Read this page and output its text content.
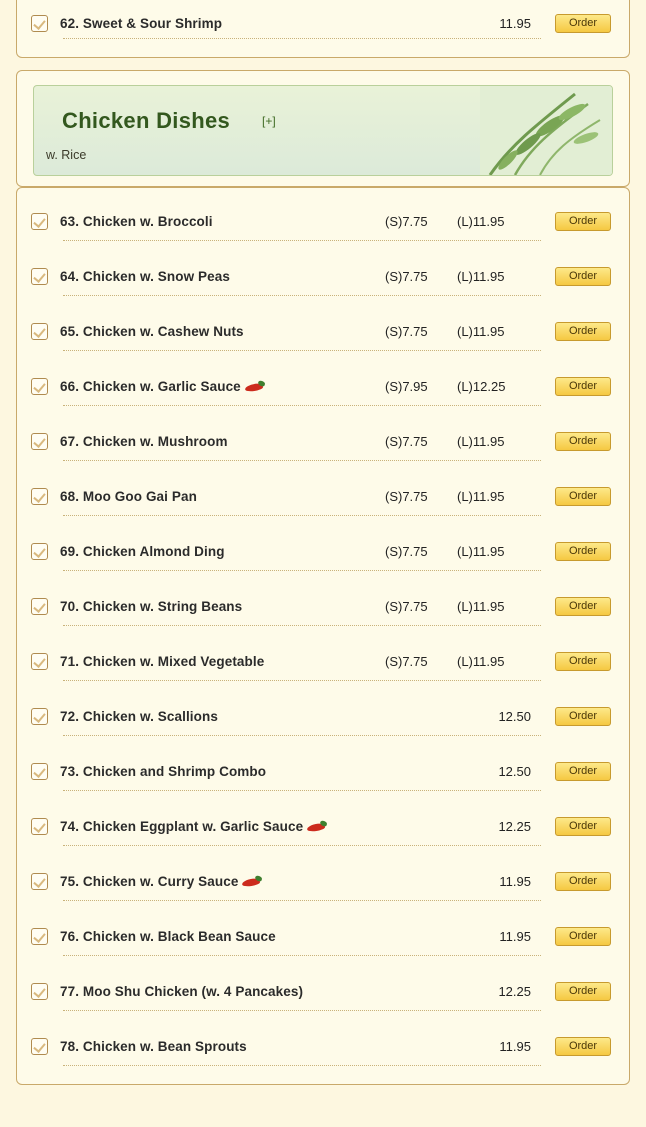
62. Sweet & Sour Shrimp	11.95	Order
Chicken Dishes	[+]
w. Rice
63. Chicken w. Broccoli	(S)7.75	(L)11.95	Order
64. Chicken w. Snow Peas	(S)7.75	(L)11.95	Order
65. Chicken w. Cashew Nuts	(S)7.75	(L)11.95	Order
66. Chicken w. Garlic Sauce	(S)7.95	(L)12.25	Order
67. Chicken w. Mushroom	(S)7.75	(L)11.95	Order
68. Moo Goo Gai Pan	(S)7.75	(L)11.95	Order
69. Chicken Almond Ding	(S)7.75	(L)11.95	Order
70. Chicken w. String Beans	(S)7.75	(L)11.95	Order
71. Chicken w. Mixed Vegetable	(S)7.75	(L)11.95	Order
72. Chicken w. Scallions	12.50	Order
73. Chicken and Shrimp Combo	12.50	Order
74. Chicken Eggplant w. Garlic Sauce	12.25	Order
75. Chicken w. Curry Sauce	11.95	Order
76. Chicken w. Black Bean Sauce	11.95	Order
77. Moo Shu Chicken (w. 4 Pancakes)	12.25	Order
78. Chicken w. Bean Sprouts	11.95	Order
